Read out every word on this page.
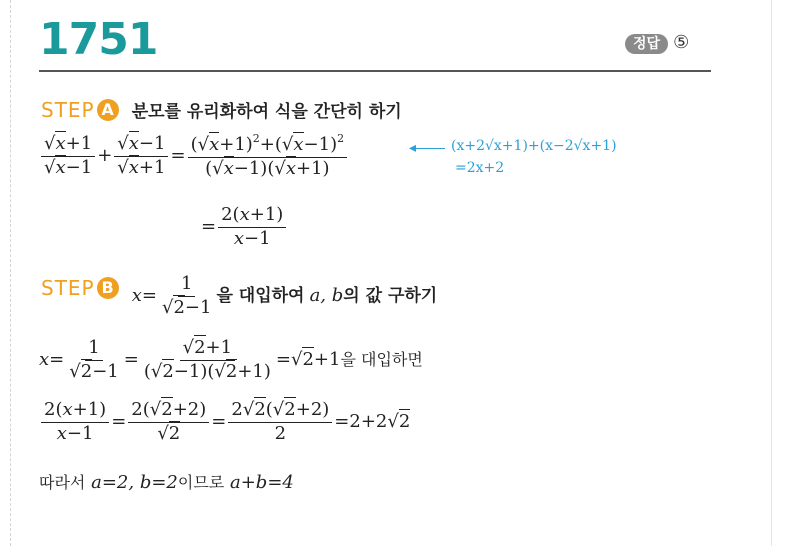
1751	정답 ⑤
STEP A 분모를 유리화하여 식을 간단히 하기
$\frac{√x+1}{√x-1} + \frac{√x-1}{√x+1} = \frac{(√x+1)^2+(√x-1)^2}{(√x-1)(√x+1)}$	◂ (x+2√x+1)+(x−2√x+1)
=2x+2
= $\frac{2(x+1)}{x-1}$
STEP B $x= \frac{1}{√2-1}$ 을 대입하여 a, b의 값 구하기
$x= \frac{1}{√2-1} = \frac{√2+1}{(√2-1)(√2+1)} =√2+1$을 대입하면
$\frac{2(x+1)}{x-1} = \frac{2(√2+2)}{√2} = \frac{2√2(√2+2)}{2} =2+2√2$
따라서 a=2, b=2이므로 a+b=4
